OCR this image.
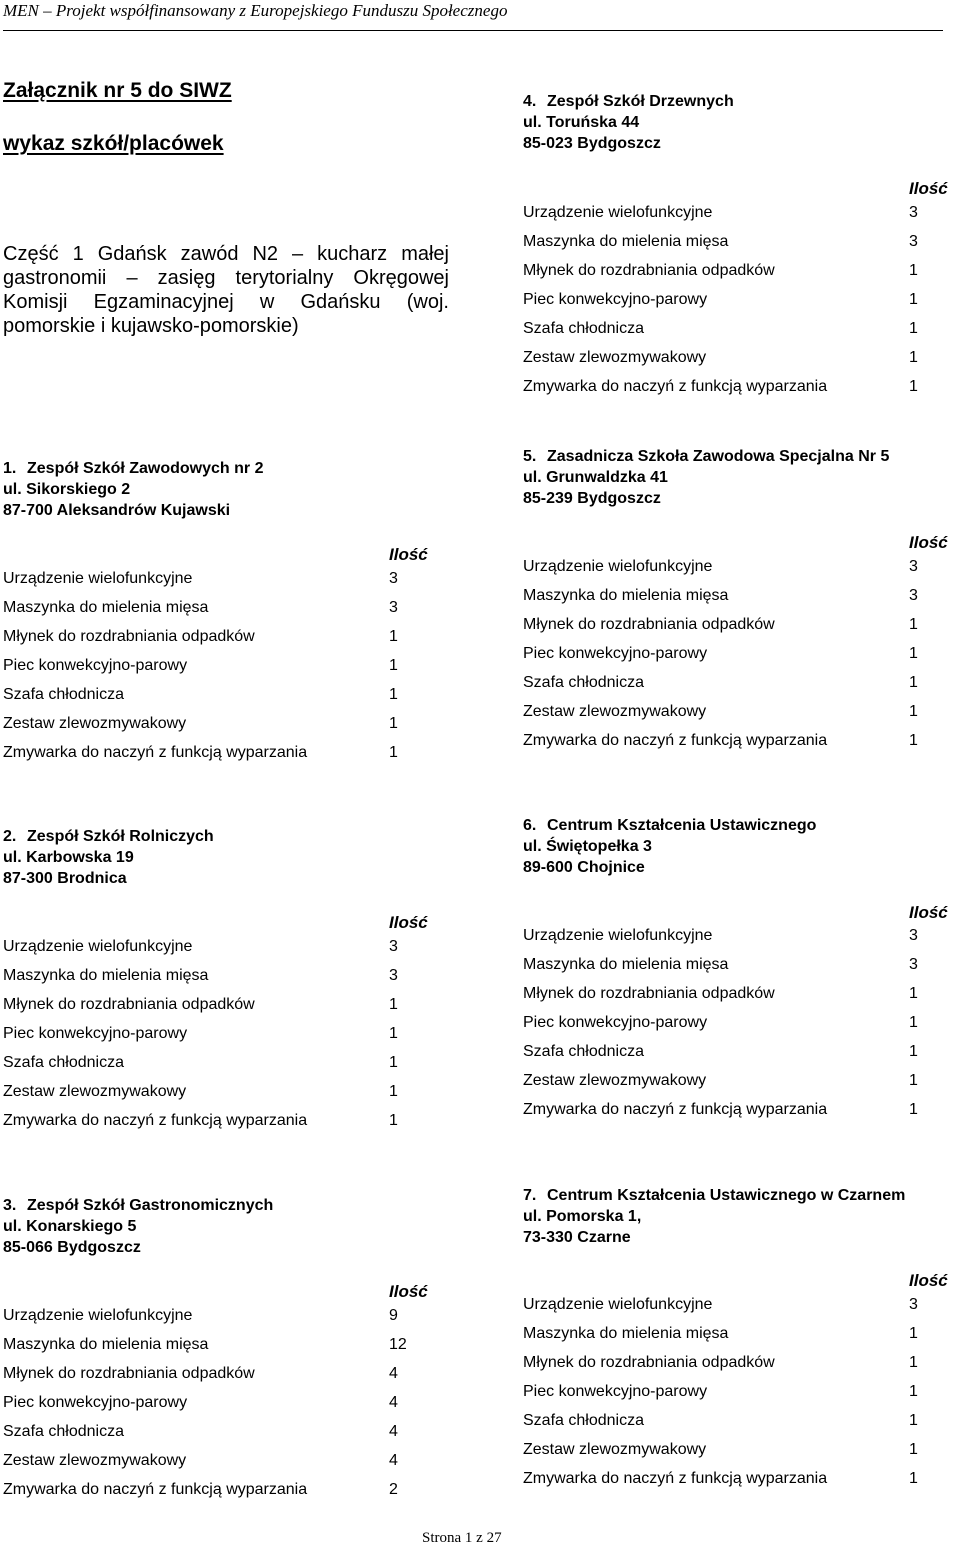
MEN – Projekt współfinansowany z Europejskiego Funduszu Społecznego
Załącznik nr 5 do SIWZ
wykaz szkół/placówek
Część 1 Gdańsk zawód N2 – kucharz małej
gastronomii – zasięg terytorialny Okręgowej
Komisji Egzaminacyjnej w Gdańsku (woj.
pomorskie i kujawsko-pomorskie)
4. Zespół Szkół Drzewnych
ul. Toruńska 44
85-023 Bydgoszcz
Ilość
Urządzenie wielofunkcyjne	3
Maszynka do mielenia mięsa	3
Młynek do rozdrabniania odpadków	1
Piec konwekcyjno-parowy	1
Szafa chłodnicza	1
Zestaw zlewozmywakowy	1
Zmywarka do naczyń z funkcją wyparzania	1
1. Zespół Szkół Zawodowych nr 2
ul. Sikorskiego 2
87-700 Aleksandrów Kujawski
Ilość
Urządzenie wielofunkcyjne	3
Maszynka do mielenia mięsa	3
Młynek do rozdrabniania odpadków	1
Piec konwekcyjno-parowy	1
Szafa chłodnicza	1
Zestaw zlewozmywakowy	1
Zmywarka do naczyń z funkcją wyparzania	1
5. Zasadnicza Szkoła Zawodowa Specjalna Nr 5
ul. Grunwaldzka 41
85-239 Bydgoszcz
Ilość
Urządzenie wielofunkcyjne	3
Maszynka do mielenia mięsa	3
Młynek do rozdrabniania odpadków	1
Piec konwekcyjno-parowy	1
Szafa chłodnicza	1
Zestaw zlewozmywakowy	1
Zmywarka do naczyń z funkcją wyparzania	1
2. Zespół Szkół Rolniczych
ul. Karbowska 19
87-300 Brodnica
Ilość
Urządzenie wielofunkcyjne	3
Maszynka do mielenia mięsa	3
Młynek do rozdrabniania odpadków	1
Piec konwekcyjno-parowy	1
Szafa chłodnicza	1
Zestaw zlewozmywakowy	1
Zmywarka do naczyń z funkcją wyparzania	1
6. Centrum Kształcenia Ustawicznego
ul. Świętopełka 3
89-600 Chojnice
Ilość
Urządzenie wielofunkcyjne	3
Maszynka do mielenia mięsa	3
Młynek do rozdrabniania odpadków	1
Piec konwekcyjno-parowy	1
Szafa chłodnicza	1
Zestaw zlewozmywakowy	1
Zmywarka do naczyń z funkcją wyparzania	1
3. Zespół Szkół Gastronomicznych
ul. Konarskiego 5
85-066 Bydgoszcz
Ilość
Urządzenie wielofunkcyjne	9
Maszynka do mielenia mięsa	12
Młynek do rozdrabniania odpadków	4
Piec konwekcyjno-parowy	4
Szafa chłodnicza	4
Zestaw zlewozmywakowy	4
Zmywarka do naczyń z funkcją wyparzania	2
7. Centrum Kształcenia Ustawicznego w Czarnem
ul. Pomorska 1,
73-330 Czarne
Ilość
Urządzenie wielofunkcyjne	3
Maszynka do mielenia mięsa	1
Młynek do rozdrabniania odpadków	1
Piec konwekcyjno-parowy	1
Szafa chłodnicza	1
Zestaw zlewozmywakowy	1
Zmywarka do naczyń z funkcją wyparzania	1
Strona 1 z 27
